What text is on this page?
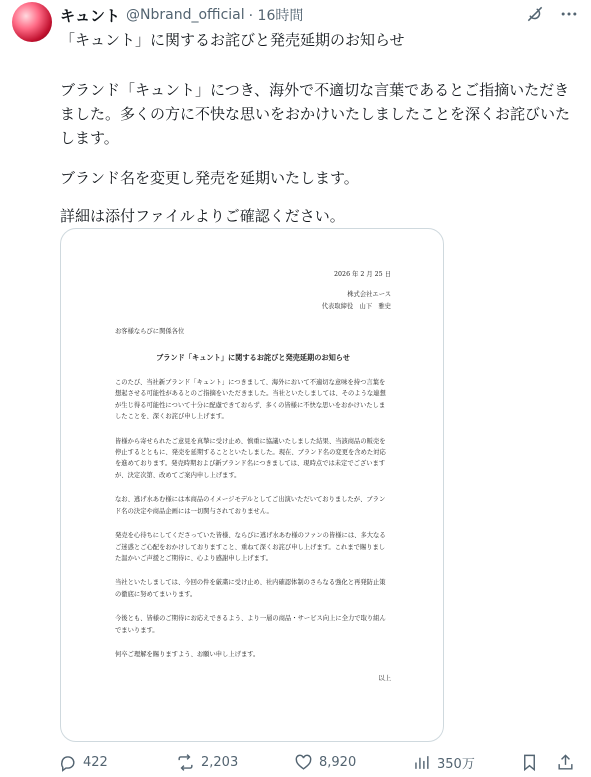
キュント @Nbrand_official · 16時間

「キュント」に関するお詫びと発売延期のお知らせ

ブランド「キュント」につき、海外で不適切な言葉であるとご指摘いただきました。多くの方に不快な思いをおかけいたしましたことを深くお詫びいたします。

ブランド名を変更し発売を延期いたします。

詳細は添付ファイルよりご確認ください。

2026 年 2 月 25 日
株式会社エース
代表取締役　山下　雅史
お客様ならびに関係各位
ブランド「キュント」に関するお詫びと発売延期のお知らせ

このたび、当社新ブランド「キュント」につきまして、海外において不適切な意味を持つ言葉を想起させる可能性があるとのご指摘をいただきました。当社といたしましては、そのような連想が生じ得る可能性について十分に配慮できておらず、多くの皆様に不快な思いをおかけいたしましたことを、深くお詫び申し上げます。

皆様から寄せられたご意見を真摯に受け止め、慎重に協議いたしました結果、当該商品の販売を停止するとともに、発売を延期することといたしました。現在、ブランド名の変更を含めた対応を進めております。発売時期および新ブランド名につきましては、現時点では未定でございますが、決定次第、改めてご案内申し上げます。

なお、逃げ水あむ様には本商品のイメージモデルとしてご出演いただいておりましたが、ブランド名の決定や商品企画には一切関与されておりません。

発売を心待ちにしてくださっていた皆様、ならびに逃げ水あむ様のファンの皆様には、多大なるご迷惑とご心配をおかけしておりますこと、重ねて深くお詫び申し上げます。これまで賜りました温かいご声援とご期待に、心より感謝申し上げます。

当社といたしましては、今回の件を厳粛に受け止め、社内確認体制のさらなる強化と再発防止策の徹底に努めてまいります。

今後とも、皆様のご期待にお応えできるよう、より一層の商品・サービス向上に全力で取り組んでまいります。

何卒ご理解を賜りますよう、お願い申し上げます。

以上
422	2,203	8,920	350万
